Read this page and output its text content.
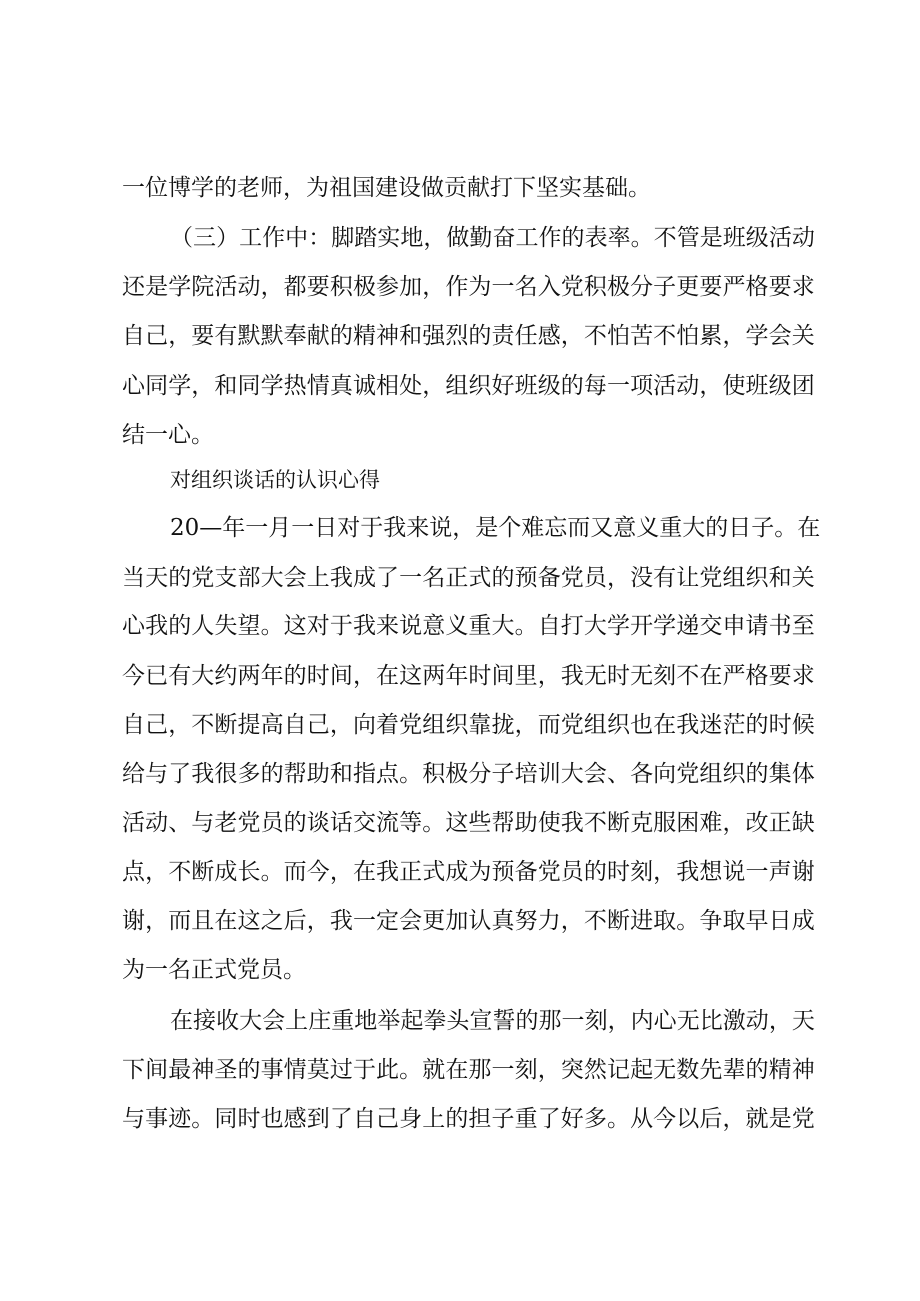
一位博学的老师，为祖国建设做贡献打下坚实基础。
（ 三 ） 工 作 中 ： 脚 踏 实 地 ， 做 勤 奋 工 作 的 表 率 。 不 管 是 班 级 活 动
还 是 学 院 活 动 ， 都 要 积 极 参 加 ， 作 为 一 名 入 党 积 极 分 子 更 要 严 格 要 求
自 己 ， 要 有 默 默 奉 献 的 精 神 和 强 烈 的 责 任 感 ， 不 怕 苦 不 怕 累 ， 学 会 关
心 同 学 ， 和 同 学 热 情 真 诚 相 处 ， 组 织 好 班 级 的 每 一 项 活 动 ， 使 班 级 团
结一心。
对组织谈话的认识心得
2 0 — 年 一 月 一 日 对 于 我 来 说 ， 是 个 难 忘 而 又 意 义 重 大 的 日 子 。 在
当 天 的 党 支 部 大 会 上 我 成 了 一 名 正 式 的 预 备 党 员 ， 没 有 让 党 组 织 和 关
心 我 的 人 失 望 。 这 对 于 我 来 说 意 义 重 大 。 自 打 大 学 开 学 递 交 申 请 书 至
今 已 有 大 约 两 年 的 时 间 ， 在 这 两 年 时 间 里 ， 我 无 时 无 刻 不 在 严 格 要 求
自 己 ， 不 断 提 高 自 己 ， 向 着 党 组 织 靠 拢 ， 而 党 组 织 也 在 我 迷 茫 的 时 候
给 与 了 我 很 多 的 帮 助 和 指 点 。 积 极 分 子 培 训 大 会 、 各 向 党 组 织 的 集 体
活 动 、 与 老 党 员 的 谈 话 交 流 等 。 这 些 帮 助 使 我 不 断 克 服 困 难 ， 改 正 缺
点 ， 不 断 成 长 。 而 今 ， 在 我 正 式 成 为 预 备 党 员 的 时 刻 ， 我 想 说 一 声 谢
谢 ， 而 且 在 这 之 后 ， 我 一 定 会 更 加 认 真 努 力 ， 不 断 进 取 。 争 取 早 日 成
为一名正式党员。
在 接 收 大 会 上 庄 重 地 举 起 拳 头 宣 誓 的 那 一 刻 ， 内 心 无 比 激 动 ， 天
下 间 最 神 圣 的 事 情 莫 过 于 此 。 就 在 那 一 刻 ， 突 然 记 起 无 数 先 辈 的 精 神
与 事 迹 。 同 时 也 感 到 了 自 己 身 上 的 担 子 重 了 好 多 。 从 今 以 后 ， 就 是 党
